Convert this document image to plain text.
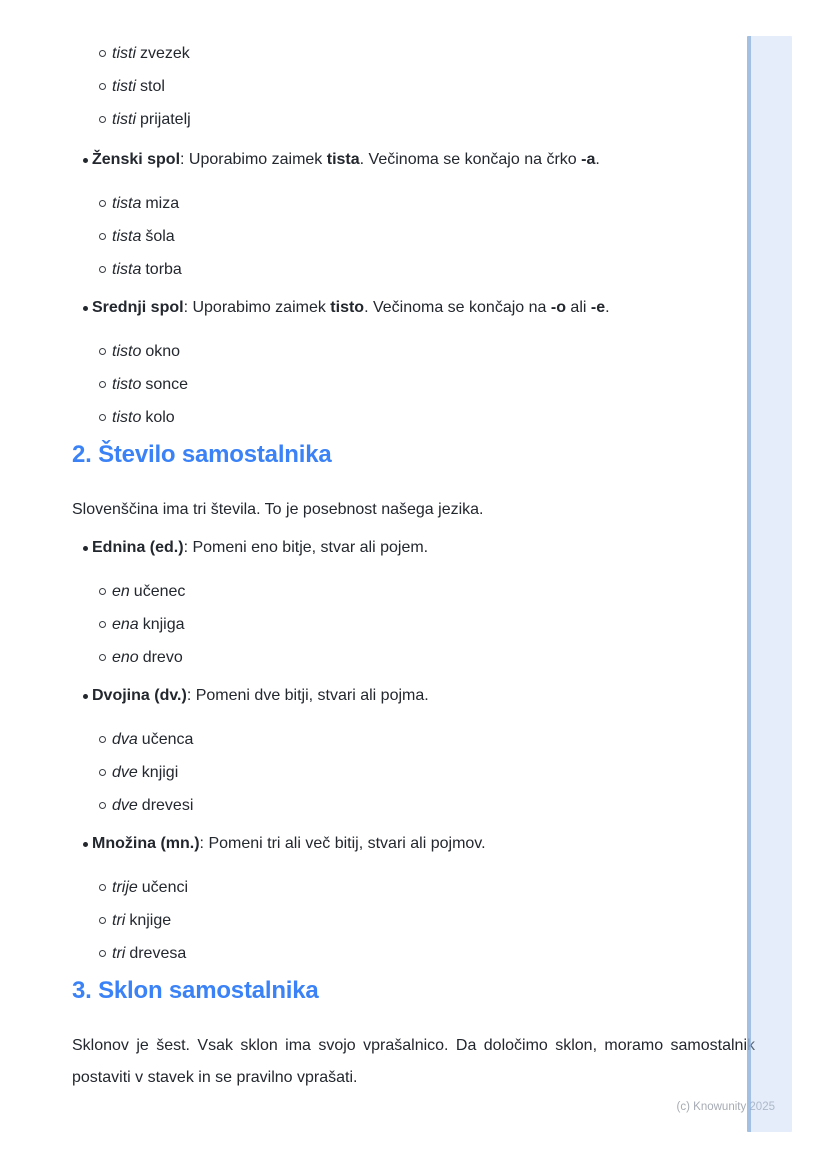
tisti zvezek
tisti stol
tisti prijatelj
Ženski spol: Uporabimo zaimek tista. Večinoma se končajo na črko -a.
tista miza
tista šola
tista torba
Srednji spol: Uporabimo zaimek tisto. Večinoma se končajo na -o ali -e.
tisto okno
tisto sonce
tisto kolo
2. Število samostalnika

Slovenščina ima tri števila. To je posebnost našega jezika.

Ednina (ed.): Pomeni eno bitje, stvar ali pojem.
en učenec
ena knjiga
eno drevo
Dvojina (dv.): Pomeni dve bitji, stvari ali pojma.
dva učenca
dve knjigi
dve drevesi
Množina (mn.): Pomeni tri ali več bitij, stvari ali pojmov.
trije učenci
tri knjige
tri drevesa
3. Sklon samostalnika

Sklonov je šest. Vsak sklon ima svojo vprašalnico. Da določimo sklon, moramo samostalnik postaviti v stavek in se pravilno vprašati.

(c) Knowunity 2025
